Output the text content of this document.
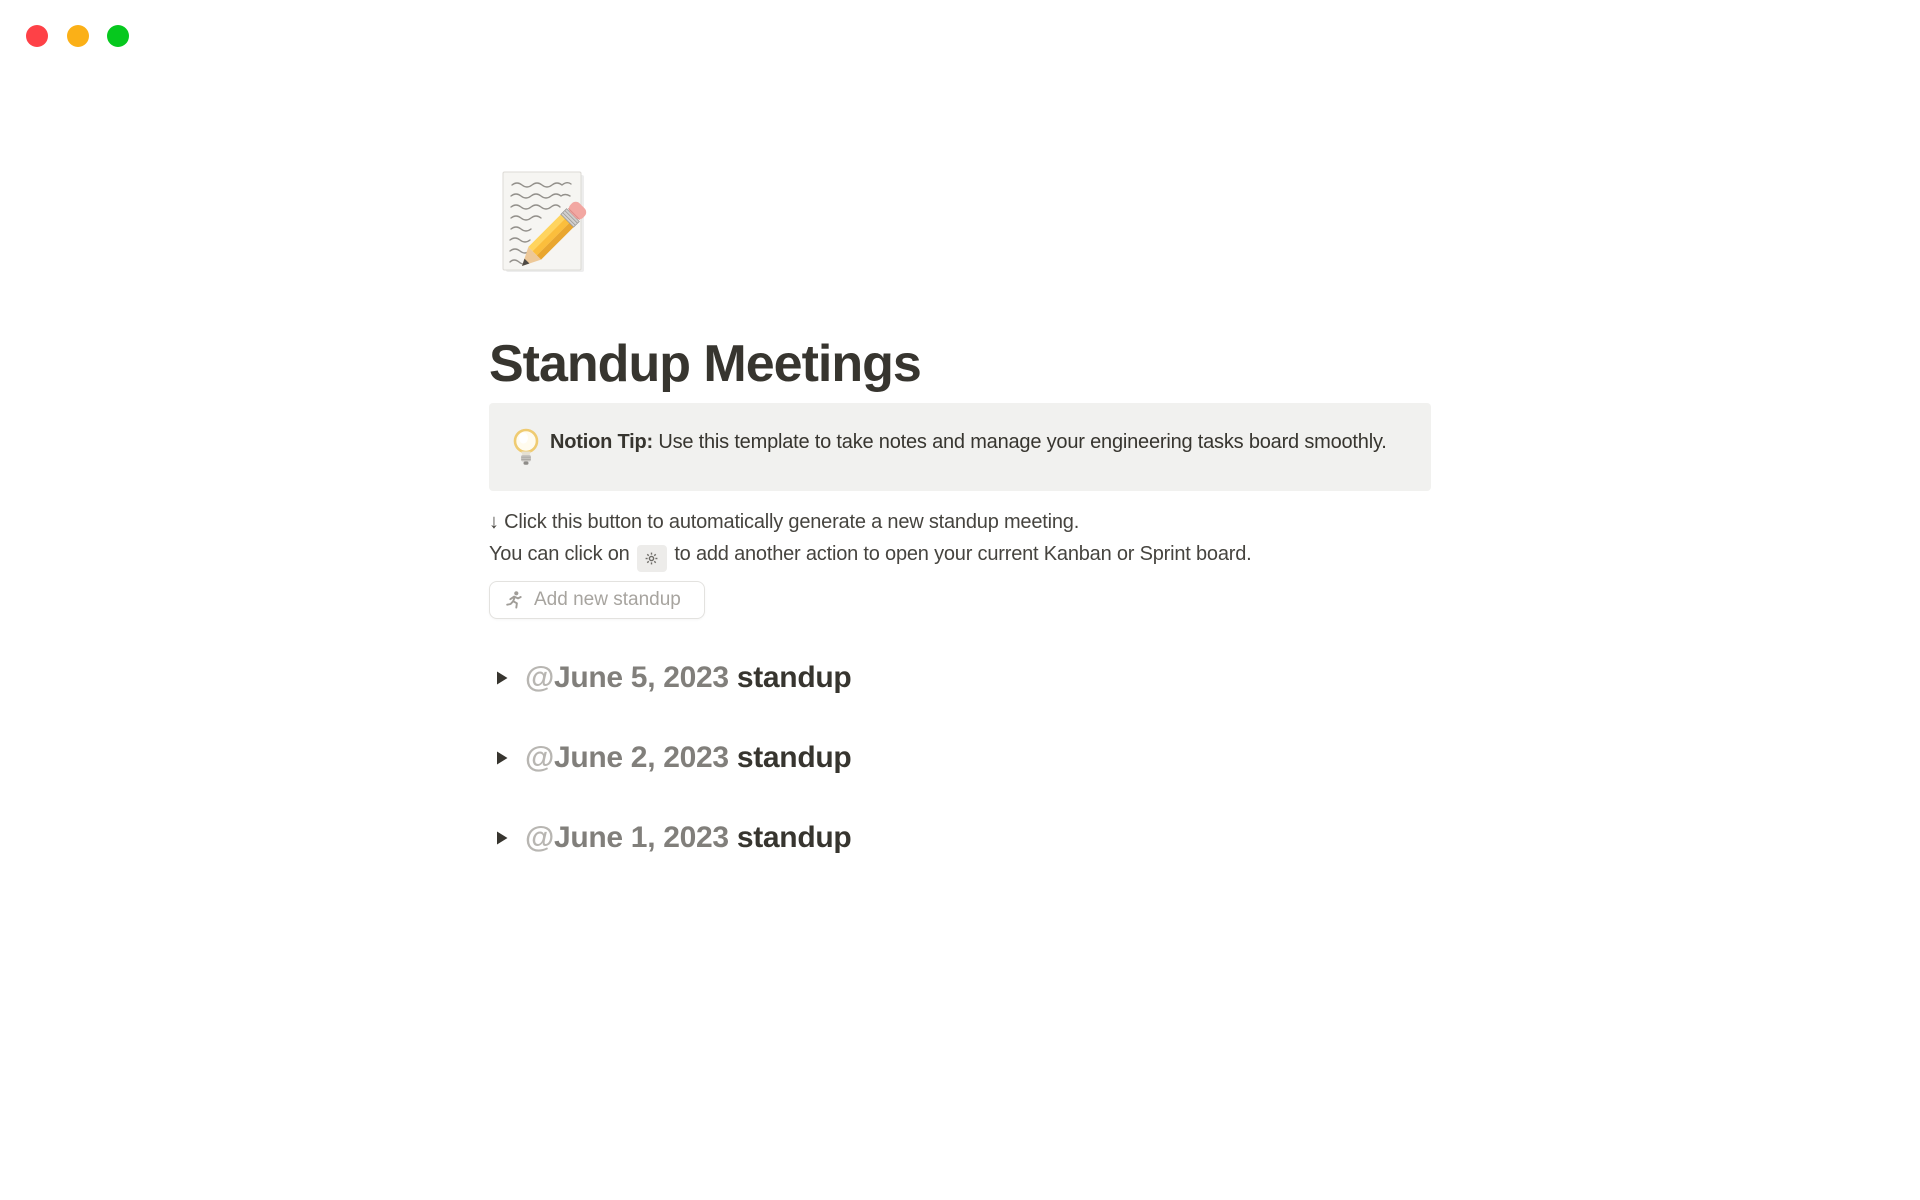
Standup Meetings
Notion Tip: Use this template to take notes and manage your engineering tasks board smoothly.
↓ Click this button to automatically generate a new standup meeting.
You can click on
to add another action to open your current Kanban or Sprint board.
Add new standup
@June 5, 2023 standup
@June 2, 2023 standup
@June 1, 2023 standup
